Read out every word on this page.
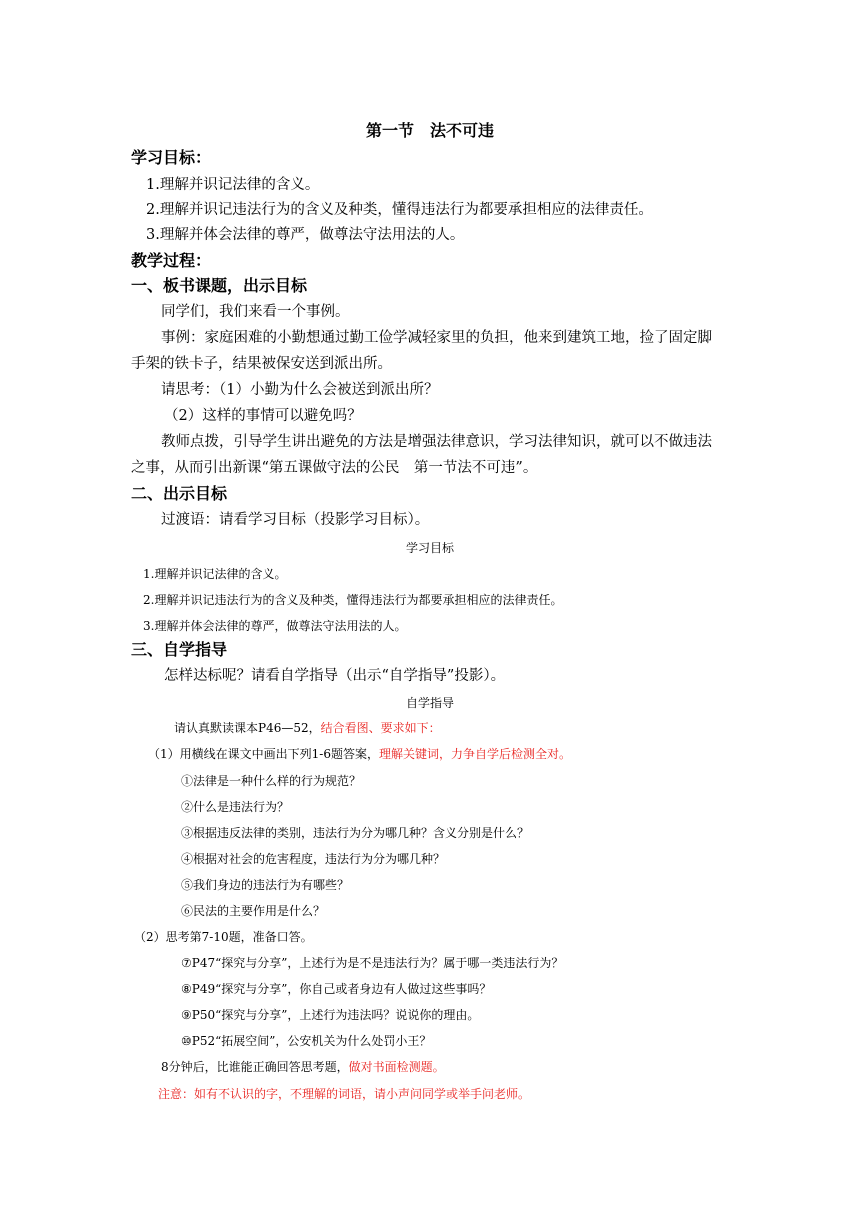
第一节　法不可违
学习目标：
1.理解并识记法律的含义。
2.理解并识记违法行为的含义及种类，懂得违法行为都要承担相应的法律责任。
3.理解并体会法律的尊严，做尊法守法用法的人。
教学过程：
一、板书课题，出示目标
同学们，我们来看一个事例。
事例：家庭困难的小勤想通过勤工俭学减轻家里的负担，他来到建筑工地，捡了固定脚
手架的铁卡子，结果被保安送到派出所。
请思考：（1）小勤为什么会被送到派出所？
（2）这样的事情可以避免吗？
教师点拨，引导学生讲出避免的方法是增强法律意识，学习法律知识，就可以不做违法
之事，从而引出新课“第五课做守法的公民　第一节法不可违”。
二、出示目标
过渡语：请看学习目标（投影学习目标）。
学习目标
1.理解并识记法律的含义。
2.理解并识记违法行为的含义及种类，懂得违法行为都要承担相应的法律责任。
3.理解并体会法律的尊严，做尊法守法用法的人。
三、自学指导
怎样达标呢？请看自学指导（出示“自学指导”投影）。
自学指导
请认真默读课本P46—52，结合看图、要求如下：
（1）用横线在课文中画出下列1-6题答案，理解关键词，力争自学后检测全对。
①法律是一种什么样的行为规范？
②什么是违法行为？
③根据违反法律的类别，违法行为分为哪几种？含义分别是什么？
④根据对社会的危害程度，违法行为分为哪几种？
⑤我们身边的违法行为有哪些？
⑥民法的主要作用是什么？
（2）思考第7-10题，准备口答。
⑦P47“探究与分享”，上述行为是不是违法行为？属于哪一类违法行为？
⑧P49“探究与分享”，你自己或者身边有人做过这些事吗？
⑨P50“探究与分享”，上述行为违法吗？说说你的理由。
⑩P52“拓展空间”，公安机关为什么处罚小王？
8分钟后，比谁能正确回答思考题，做对书面检测题。
注意：如有不认识的字，不理解的词语，请小声问同学或举手问老师。
